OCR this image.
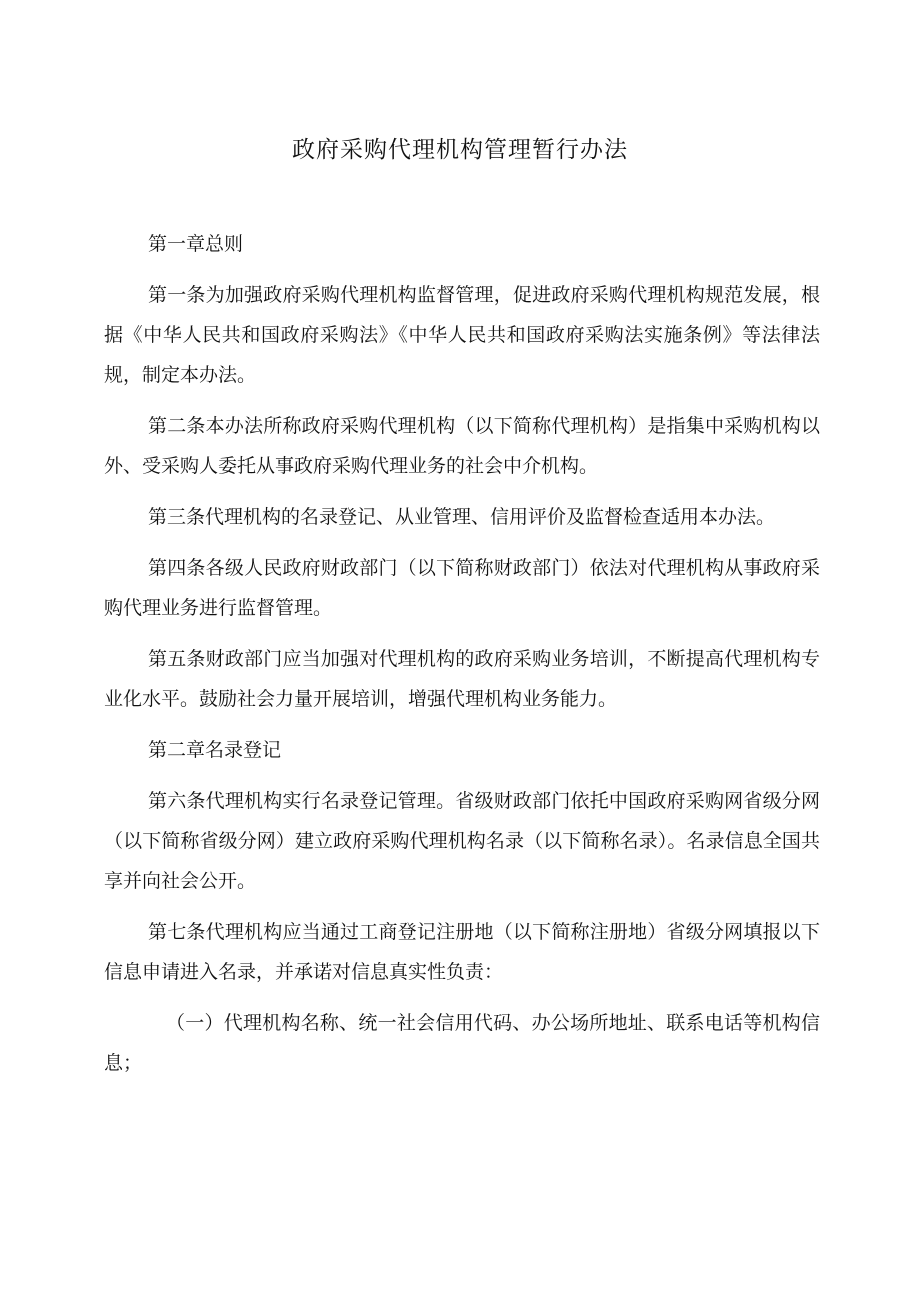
政府采购代理机构管理暂行办法

第一章总则

第一条为加强政府采购代理机构监督管理，促进政府采购代理机构规范发展，根据《中华人民共和国政府采购法》《中华人民共和国政府采购法实施条例》等法律法规，制定本办法。

第二条本办法所称政府采购代理机构（以下简称代理机构）是指集中采购机构以外、受采购人委托从事政府采购代理业务的社会中介机构。

第三条代理机构的名录登记、从业管理、信用评价及监督检查适用本办法。

第四条各级人民政府财政部门（以下简称财政部门）依法对代理机构从事政府采购代理业务进行监督管理。

第五条财政部门应当加强对代理机构的政府采购业务培训，不断提高代理机构专业化水平。鼓励社会力量开展培训，增强代理机构业务能力。

第二章名录登记

第六条代理机构实行名录登记管理。省级财政部门依托中国政府采购网省级分网（以下简称省级分网）建立政府采购代理机构名录（以下简称名录）。名录信息全国共享并向社会公开。

第七条代理机构应当通过工商登记注册地（以下简称注册地）省级分网填报以下信息申请进入名录，并承诺对信息真实性负责：

（一）代理机构名称、统一社会信用代码、办公场所地址、联系电话等机构信息；
